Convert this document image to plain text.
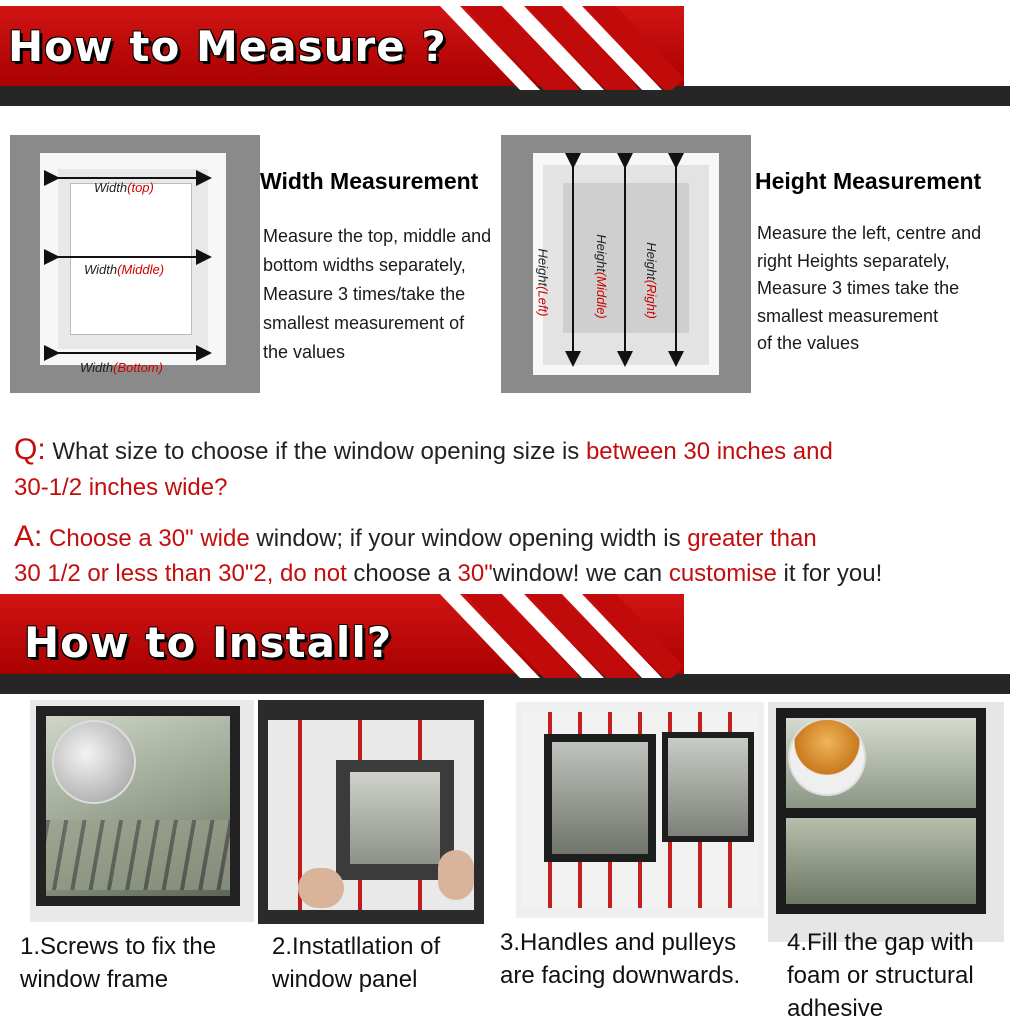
How to Measure ?
Width(top)
Width(Middle)
Width(Bottom)
Width Measurement
Measure the top, middle and
bottom widths separately,
Measure 3 times/take the
smallest measurement of
the values
Height(Left)
Height(Middle)
Height(Right)
Height Measurement
Measure the left, centre and
right Heights separately,
Measure 3 times take the
smallest measurement
of the values
Q: What size to choose if the window opening size is between 30 inches and
30-1/2 inches wide?
A: Choose a 30" wide window; if your window opening width is greater than
30 1/2 or less than 30"2, do not choose a 30"window! we can customise it for you!
How to Install?
1.Screws to fix the
window frame
2.Instatllation of
window panel
3.Handles and pulleys
are facing downwards.
4.Fill the gap with
foam or structural
adhesive
